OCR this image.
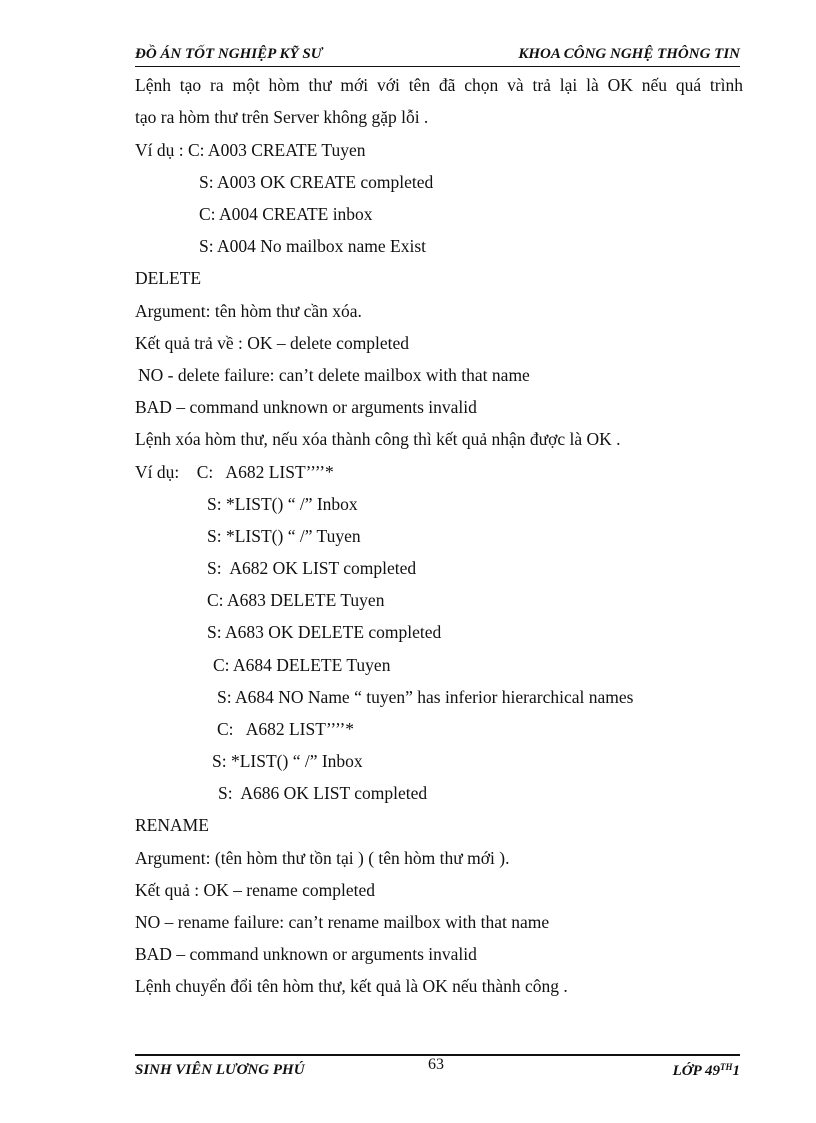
ĐỒ ÁN TỐT NGHIỆP KỸ SƯ	KHOA CÔNG NGHỆ THÔNG TIN
Lệnh tạo ra một hòm thư mới với tên đã chọn và trả lại là OK nếu quá trình
tạo ra hòm thư trên Server không gặp lỗi .
Ví dụ : C: A003 CREATE Tuyen
S: A003 OK CREATE completed
C: A004 CREATE inbox
S: A004 No mailbox name Exist
DELETE
Argument: tên hòm thư cần xóa.
Kết quả trả về : OK – delete completed
NO - delete failure: can’t delete mailbox with that name
BAD – command unknown or arguments invalid
Lệnh xóa hòm thư, nếu xóa thành công thì kết quả nhận được là OK .
Ví dụ:    C:   A682 LIST’’’’*
S: *LIST() “ /” Inbox
S: *LIST() “ /” Tuyen
S:  A682 OK LIST completed
C: A683 DELETE Tuyen
S: A683 OK DELETE completed
C: A684 DELETE Tuyen
S: A684 NO Name “ tuyen” has inferior hierarchical names
C:   A682 LIST’’’’*
S: *LIST() “ /” Inbox
S:  A686 OK LIST completed
RENAME
Argument: (tên hòm thư tồn tại ) ( tên hòm thư mới ).
Kết quả : OK – rename completed
NO – rename failure: can’t rename mailbox with that name
BAD – command unknown or arguments invalid
Lệnh chuyển đổi tên hòm thư, kết quả là OK nếu thành công .
SINH VIÊN LƯƠNG PHÚ	63	LỚP 49TH1
